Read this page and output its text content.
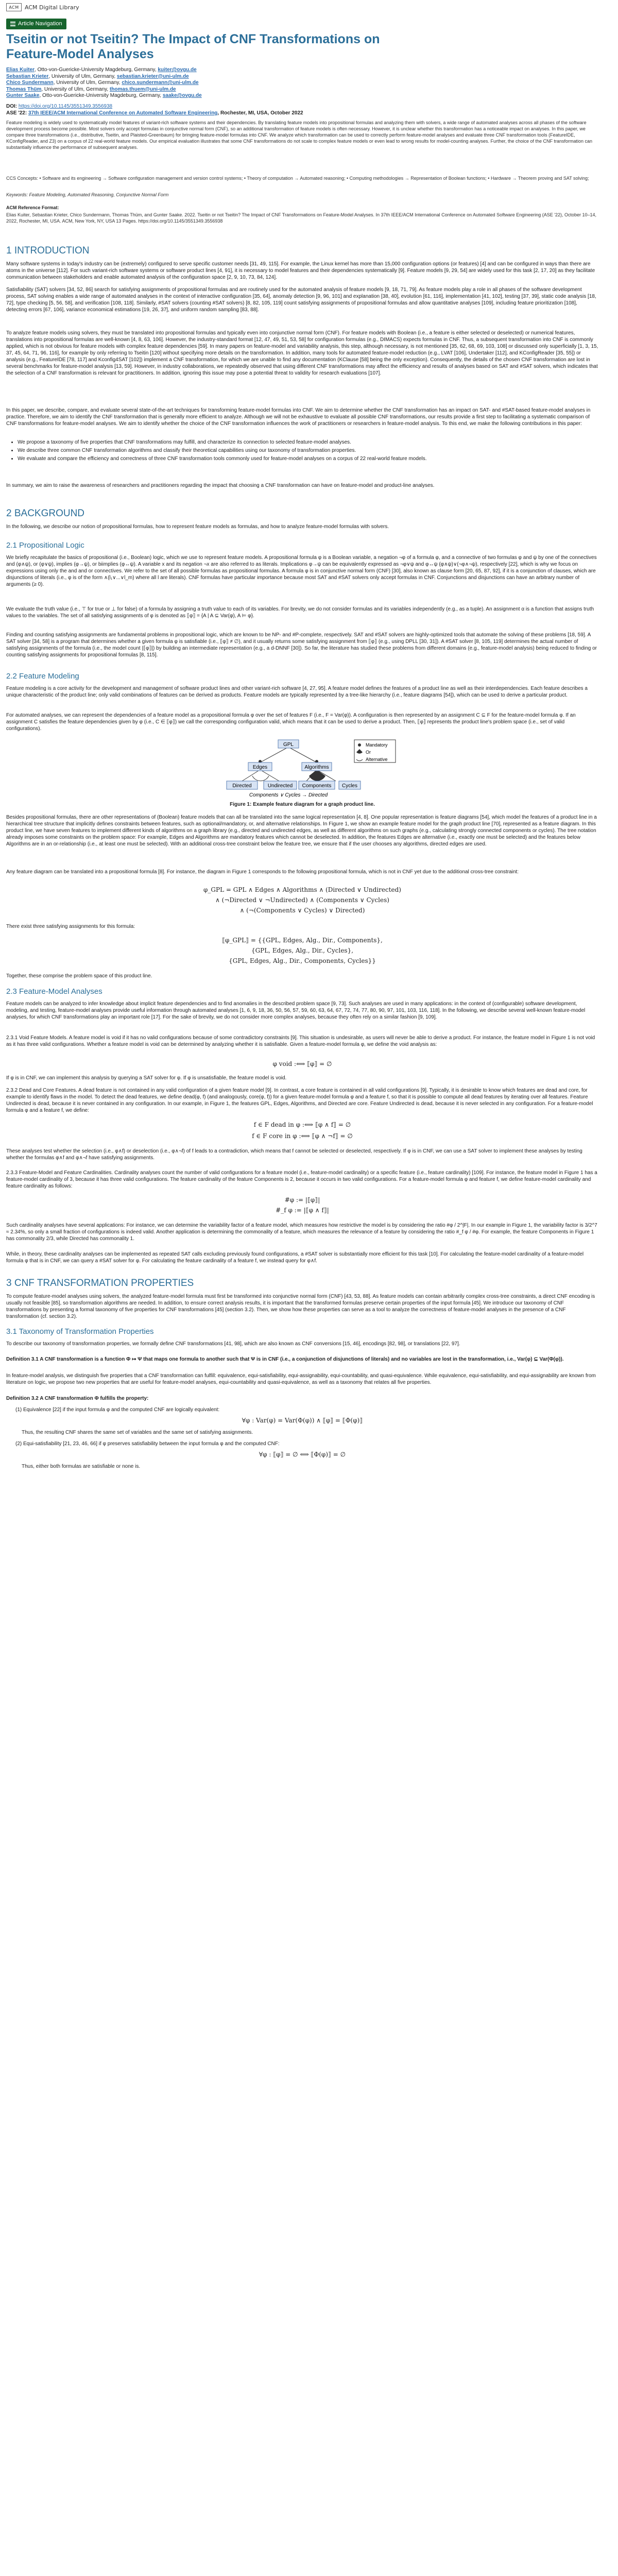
ACM	ACM Digital Library
Article Navigation
Tseitin or not Tseitin? The Impact of CNF Transformations on Feature-Model Analyses
Elias Kuiter, Otto-von-Guericke-University Magdeburg, Germany, kuiter@ovgu.de
Sebastian Krieter, University of Ulm, Germany, sebastian.krieter@uni-ulm.de
Chico Sundermann, University of Ulm, Germany, chico.sundermann@uni-ulm.de
Thomas Thüm, University of Ulm, Germany, thomas.thuem@uni-ulm.de
Gunter Saake, Otto-von-Guericke-University Magdeburg, Germany, saake@ovgu.de
DOI: https://doi.org/10.1145/3551349.3556938
ASE '22: 37th IEEE/ACM International Conference on Automated Software Engineering, Rochester, MI, USA, October 2022
Feature modeling is widely used to systematically model features of variant-rich software systems and their dependencies. By translating feature models into propositional formulas and analyzing them with solvers, a wide range of automated analyses across all phases of the software development process become possible. Most solvers only accept formulas in conjunctive normal form (CNF), so an additional transformation of feature models is often necessary. However, it is unclear whether this transformation has a noticeable impact on analyses. In this paper, we compare three transformations (i.e., distributive, Tseitin, and Plaisted-Greenbaum) for bringing feature-model formulas into CNF. We analyze which transformation can be used to correctly perform feature-model analyses and evaluate three CNF transformation tools (FeatureIDE, KConfigReader, and Z3) on a corpus of 22 real-world feature models. Our empirical evaluation illustrates that some CNF transformations do not scale to complex feature models or even lead to wrong results for model-counting analyses. Further, the choice of the CNF transformation can substantially influence the performance of subsequent analyses.
CCS Concepts: • Software and its engineering → Software configuration management and version control systems; • Theory of computation → Automated reasoning; • Computing methodologies → Representation of Boolean functions; • Hardware → Theorem proving and SAT solving;
Keywords: Feature Modeling, Automated Reasoning, Conjunctive Normal Form
ACM Reference Format:
Elias Kuiter, Sebastian Krieter, Chico Sundermann, Thomas Thüm, and Gunter Saake. 2022. Tseitin or not Tseitin? The Impact of CNF Transformations on Feature-Model Analyses. In 37th IEEE/ACM International Conference on Automated Software Engineering (ASE '22), October 10–14, 2022, Rochester, MI, USA. ACM, New York, NY, USA 13 Pages. https://doi.org/10.1145/3551349.3556938
1 INTRODUCTION
Many software systems in today's industry can be (extremely) configured to serve specific customer needs [31, 49, 115]. For example, the Linux kernel has more than 15,000 configuration options (or features) [4] and can be configured in ways than there are atoms in the universe [112]. For such variant-rich software systems or software product lines [4, 91], it is necessary to model features and their dependencies systematically [9]. Feature models [9, 29, 54] are widely used for this task [2, 17, 20] as they facilitate communication between stakeholders and enable automated analysis of the configuration space [2, 9, 10, 73, 84, 124].
Satisfiability (SAT) solvers [34, 52, 86] search for satisfying assignments of propositional formulas and are routinely used for the automated analysis of feature models [9, 18, 71, 79]. As feature models play a role in all phases of the software development process, SAT solving enables a wide range of automated analyses in the context of interactive configuration [35, 64], anomaly detection [9, 96, 101] and explanation [38, 40], evolution [61, 116], implementation [41, 102], testing [37, 39], static code analysis [18, 72], type checking [5, 56, 58], and verification [108, 118]. Similarly, #SAT solvers (counting #SAT solvers) [8, 82, 105, 119] count satisfying assignments of propositional formulas and allow quantitative analyses [109], including feature prioritization [108], detecting errors [67, 106], variance economical estimations [19, 26, 37], and uniform random sampling [83, 88].
To analyze feature models using solvers, they must be translated into propositional formulas and typically even into conjunctive normal form (CNF). For feature models with Boolean (i.e., a feature is either selected or deselected) or numerical features, translations into propositional formulas are well-known [4, 8, 63, 106]. However, the industry-standard format [12, 47, 49, 51, 53, 58] for configuration formulas (e.g., DIMACS) expects formulas in CNF. Thus, a subsequent transformation into CNF is commonly applied, which is not obvious for feature models with complex feature dependencies [59]. In many papers on feature-model and variability analysis, this step, although necessary, is not mentioned [35, 62, 68, 69, 103, 108] or discussed only superficially [1, 3, 15, 37, 45, 64, 71, 96, 116], for example by only referring to Tseitin [120] without specifying more details on the transformation. In addition, many tools for automated feature-model reduction (e.g., LVAT [106], Undertaker [112], and KConfigReader [35, 55]) or analysis (e.g., FeatureIDE [78, 117] and Kconfig4SAT [102]) implement a CNF transformation, for which we are unable to find any documentation (KClause [58] being the only exception). Consequently, the details of the chosen CNF transformation are lost in several benchmarks for feature-model analysis [13, 59]. However, in industry collaborations, we repeatedly observed that using different CNF transformations may affect the efficiency and results of analyses based on SAT and #SAT solvers, which indicates that the selection of a CNF transformation is relevant for practitioners. In addition, ignoring this issue may pose a potential threat to validity for research evaluations [107].
In this paper, we describe, compare, and evaluate several state-of-the-art techniques for transforming feature-model formulas into CNF. We aim to determine whether the CNF transformation has an impact on SAT- and #SAT-based feature-model analyses in practice. Therefore, we aim to identify the CNF transformation that is generally more efficient to analyze. Although we will not be exhaustive to evaluate all possible CNF transformations, our results provide a first step to facilitating a systematic comparison of CNF transformations for feature-model analyses. We aim to identify whether the choice of the CNF transformation influences the work of practitioners or researchers in feature-model analysis. To this end, we make the following contributions in this paper:
• We propose a taxonomy of five properties that CNF transformations may fulfill, and characterize its connection to selected feature-model analyses.
• We describe three common CNF transformation algorithms and classify their theoretical capabilities using our taxonomy of transformation properties.
• We evaluate and compare the efficiency and correctness of three CNF transformation tools commonly used for feature-model analyses on a corpus of 22 real-world feature models.
In summary, we aim to raise the awareness of researchers and practitioners regarding the impact that choosing a CNF transformation can have on feature-model and product-line analyses.
2 BACKGROUND
In the following, we describe our notion of propositional formulas, how to represent feature models as formulas, and how to analyze feature-model formulas with solvers.
2.1 Propositional Logic
We briefly recapitulate the basics of propositional (i.e., Boolean) logic, which we use to represent feature models. A propositional formula φ is a Boolean variable, a negation ¬φ of a formula φ, and a connective of two formulas φ and ψ by one of the connectives and (φ∧ψ), or (φ∨ψ), implies (φ→ψ), or biimplies (φ↔ψ). A variable x and its negation ¬x are also referred to as literals. Implications φ→ψ can be equivalently expressed as ¬φ∨ψ and φ↔ψ (φ∧ψ)∨(¬φ∧¬ψ), respectively [22], which is why we focus on expressions using only the and and or connectives. We refer to the set of all possible formulas as propositional formulas. A formula φ is in conjunctive normal form (CNF) [30], also known as clause form [20, 65, 87, 92], if it is a conjunction of clauses, which are disjunctions of literals (i.e., φ is of the form ∧(l₁∨...∨l_m) where all l are literals). CNF formulas have particular importance because most SAT and #SAT solvers only accept formulas in CNF. Conjunctions and disjunctions can have an arbitrary number of arguments (≥ 0).
We evaluate the truth value (i.e., ⊤ for true or ⊥ for false) of a formula by assigning a truth value to each of its variables. For brevity, we do not consider formulas and its variables independently (e.g., as a tuple). An assignment α is a function that assigns truth values to the variables. The set of all satisfying assignments of φ is denoted as ⟦φ⟧ = {A | A ⊆ Var(φ), A ⊨ φ}.
Finding and counting satisfying assignments are fundamental problems in propositional logic, which are known to be NP- and #P-complete, respectively. SAT and #SAT solvers are highly-optimized tools that automate the solving of these problems [18, 59]. A SAT solver [34, 58] is a program that determines whether a given formula φ is satisfiable (i.e., ⟦φ⟧ ≠ ∅), and it usually returns some satisfying assignment from ⟦φ⟧ (e.g., using DPLL [30, 31]). A #SAT solver [8, 105, 119] determines the actual number of satisfying assignments of the formula (i.e., the model count |⟦φ⟧|) by building an intermediate representation (e.g., a d-DNNF [30]). So far, the literature has studied these problems from different domains (e.g., feature-model analysis) being reduced to finding or counting satisfying assignments for propositional formulas [8, 115].
2.2 Feature Modeling
Feature modeling is a core activity for the development and management of software product lines and other variant-rich software [4, 27, 95]. A feature model defines the features of a product line as well as their interdependencies. Each feature describes a unique characteristic of the product line; only valid combinations of features can be derived as products. Feature models are typically represented by a tree-like hierarchy (i.e., feature diagrams [54]), which can be used to derive a particular product.
For automated analyses, we can represent the dependencies of a feature model as a propositional formula φ over the set of features F (i.e., F = Var(φ)). A configuration is then represented by an assignment C ⊆ F for the feature-model formula φ. If an assignment C satisfies the feature dependencies given by φ (i.e., C ∈ ⟦φ⟧) we call the corresponding configuration valid, which means that it can be used to derive a product. Then, ⟦φ⟧ represents the product line's problem space (i.e., set of valid configurations).
GPL
Edges	Algorithms
Directed	Undirected Components Cycles
Components ∨ Cycles → Directed
Mandatory
Or
Alternative
Figure 1: Example feature diagram for a graph product line.
Besides propositional formulas, there are other representations of (Boolean) feature models that can all be translated into the same logical representation [4, 8]. One popular representation is feature diagrams [54], which model the features of a product line in a hierarchical tree structure that implicitly defines constraints between features, such as optional/mandatory, or, and alternative relationships. In Figure 1, we show an example feature model for the graph product line [70], represented as a feature diagram. In this product line, we have seven features to implement different kinds of algorithms on a graph library (e.g., directed and undirected edges, as well as different algorithms on such graphs (e.g., calculating strongly connected components or cycles). The tree notation already imposes some constraints on the problem space: For example, Edges and Algorithms are mandatory features which cannot be deselected. In addition, the features Edges are alternative (i.e., exactly one must be selected) and the features below Algorithms are in an or-relationship (i.e., at least one must be selected). With an additional cross-tree constraint below the feature tree, we ensure that if the user chooses any algorithms, directed edges are used.
Any feature diagram can be translated into a propositional formula [8]. For instance, the diagram in Figure 1 corresponds to the following propositional formula, which is not in CNF yet due to the additional cross-tree constraint:
φ_GPL = GPL ∧ Edges ∧ Algorithms ∧ (Directed ∨ Undirected)
∧ (¬Directed ∨ ¬Undirected) ∧ (Components ∨ Cycles)
∧ (¬(Components ∨ Cycles) ∨ Directed)
There exist three satisfying assignments for this formula:
⟦φ_GPL⟧ = {{GPL, Edges, Alg., Dir., Components},
{GPL, Edges, Alg., Dir., Cycles},
{GPL, Edges, Alg., Dir., Components, Cycles}}
Together, these comprise the problem space of this product line.
2.3 Feature-Model Analyses
Feature models can be analyzed to infer knowledge about implicit feature dependencies and to find anomalies in the described problem space [9, 73]. Such analyses are used in many applications: in the context of (configurable) software development, modeling, and testing, feature-model analyses provide useful information through automated analyses [1, 6, 9, 18, 36, 50, 56, 57, 59, 60, 63, 64, 67, 72, 74, 77, 80, 90, 97, 101, 103, 116, 118]. In the following, we describe several well-known feature-model analyses, for which CNF transformations play an important role [17]. For the sake of brevity, we do not consider more complex analyses, because they often rely on a similar fashion [9, 109].
2.3.1 Void Feature Models. A feature model is void if it has no valid configurations because of some contradictory constraints [9]. This situation is undesirable, as users will never be able to derive a product. For instance, the feature model in Figure 1 is not void as it has three valid configurations. Whether a feature model is void can be determined by analyzing whether it is satisfiable. Given a feature-model formula φ, we define the void analysis as:
φ void :⟺ ⟦φ⟧ = ∅
If φ is in CNF, we can implement this analysis by querying a SAT solver for φ. If φ is unsatisfiable, the feature model is void.
2.3.2 Dead and Core Features. A dead feature is not contained in any valid configuration of a given feature model [9]. In contrast, a core feature is contained in all valid configurations [9]. Typically, it is desirable to know which features are dead and core, for example to identify flaws in the model. To detect the dead features, we define dead(φ, f) (and analogously, core(φ, f)) for a given feature-model formula φ and a feature f, so that it is possible to compute all dead features by iterating over all features. Feature Undirected is dead, because it is never contained in any configuration. In our example, in Figure 1, the features GPL, Edges, Algorithms, and Directed are core. Feature Undirected is dead, because it is never selected in any configuration. For a feature-model formula φ and a feature f, we define:
f ∈ F dead in φ :⟺ ⟦φ ∧ f⟧ = ∅
f ∈ F core in φ :⟺ ⟦φ ∧ ¬f⟧ = ∅
These analyses test whether the selection (i.e., φ∧f) or deselection (i.e., φ∧¬f) of f leads to a contradiction, which means that f cannot be selected or deselected, respectively. If φ is in CNF, we can use a SAT solver to implement these analyses by testing whether the formulas φ∧f and φ∧¬f have satisfying assignments.
2.3.3 Feature-Model and Feature Cardinalities. Cardinality analyses count the number of valid configurations for a feature model (i.e., feature-model cardinality) or a specific feature (i.e., feature cardinality) [109]. For instance, the feature model in Figure 1 has a feature-model cardinality of 3, because it has three valid configurations. The feature cardinality of the feature Components is 2, because it occurs in two valid configurations. For a feature-model formula φ and feature f, we define feature-model cardinality and feature cardinality as follows:
#φ := |⟦φ⟧|
#_f φ := |⟦φ ∧ f⟧|
Such cardinality analyses have several applications: For instance, we can determine the variability factor of a feature model, which measures how restrictive the model is by considering the ratio #φ / 2^|F|. In our example in Figure 1, the variability factor is 3/2^7 ≈ 2.34%, so only a small fraction of configurations is indeed valid. Another application is determining the commonality of a feature, which measures the relevance of a feature by considering the ratio #_f φ / #φ. For example, the feature Components in Figure 1 has commonality 2/3, while Directed has commonality 1.
While, in theory, these cardinality analyses can be implemented as repeated SAT calls excluding previously found configurations, a #SAT solver is substantially more efficient for this task [10]. For calculating the feature-model cardinality of a feature-model formula φ that is in CNF, we can query a #SAT solver for φ. For calculating the feature cardinality of a feature f, we instead query for φ∧f.
3 CNF TRANSFORMATION PROPERTIES
To compute feature-model analyses using solvers, the analyzed feature-model formula must first be transformed into conjunctive normal form (CNF) [43, 53, 88]. As feature models can contain arbitrarily complex cross-tree constraints, a direct CNF encoding is usually not feasible [85], so transformation algorithms are needed. In addition, to ensure correct analysis results, it is important that the transformed formulas preserve certain properties of the input formula [45]. We introduce our taxonomy of CNF transformations by presenting a formal taxonomy of five properties for CNF transformations [45] (section 3.2). Then, we show how these properties can serve as a tool to analyze the correctness of feature-model analyses in the presence of a CNF transformation (cf. section 3.2).
3.1 Taxonomy of Transformation Properties
To describe our taxonomy of transformation properties, we formally define CNF transformations [41, 98], which are also known as CNF conversions [15, 46], encodings [82, 98], or translations [22, 97].
Definition 3.1 A CNF transformation is a function Φ ↦ Ψ that maps one formula to another such that Ψ is in CNF (i.e., a conjunction of disjunctions of literals) and no variables are lost in the transformation, i.e., Var(φ) ⊆ Var(Φ(φ)).
In feature-model analysis, we distinguish five properties that a CNF transformation can fulfill: equivalence, equi-satisfiability, equi-assignability, equi-countability, and quasi-equivalence. While equivalence, equi-satisfiability, and equi-assignability are known from literature on logic, we propose two new properties that are useful for feature-model analyses, equi-countability and quasi-equivalence, as well as a taxonomy that relates all five properties.
Definition 3.2 A CNF transformation Φ fulfills the property:
(1) Equivalence [22] if the input formula φ and the computed CNF are logically equivalent:
∀φ : Var(φ) = Var(Φ(φ)) ∧ ⟦φ⟧ = ⟦Φ(φ)⟧
Thus, the resulting CNF shares the same set of variables and the same set of satisfying assignments.
(2) Equi-satisfiability [21, 23, 46, 66] if φ preserves satisfiability between the input formula φ and the computed CNF:
∀φ : ⟦φ⟧ = ∅ ⟺ ⟦Φ(φ)⟧ = ∅
Thus, either both formulas are satisfiable or none is.
